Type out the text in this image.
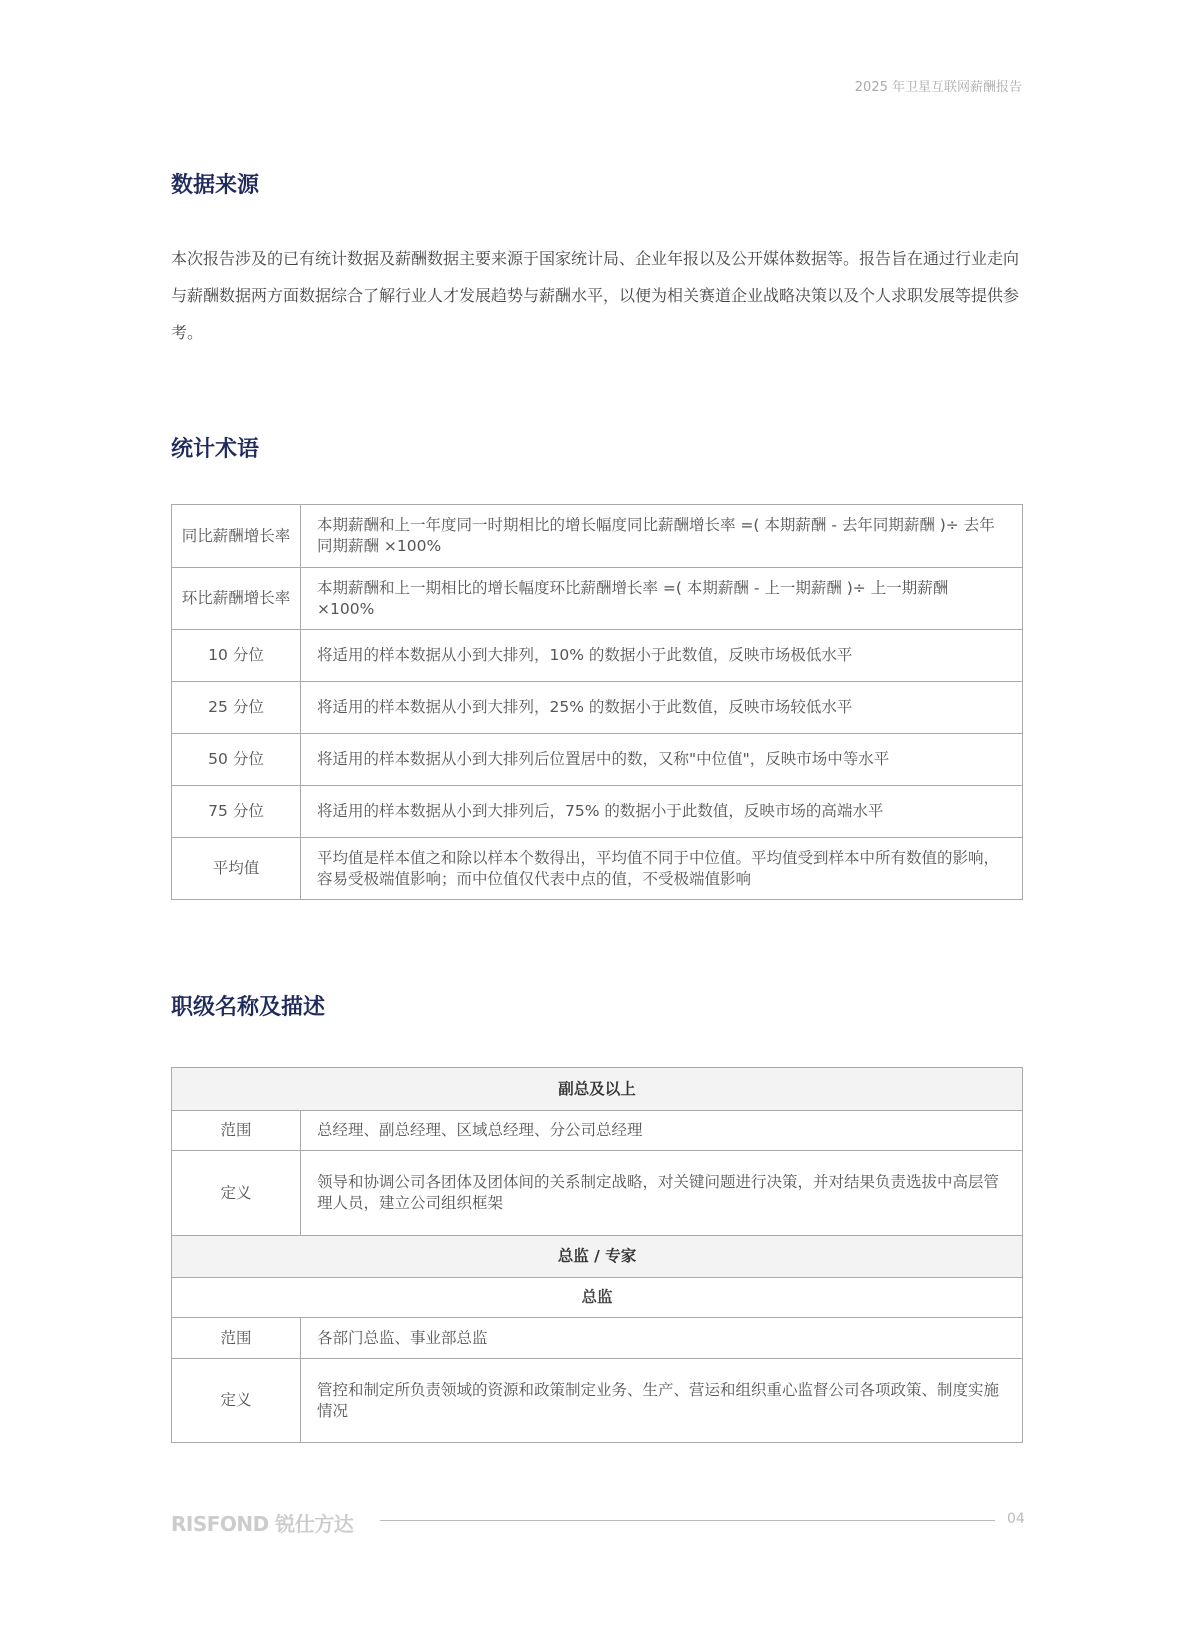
2025 年卫星互联网薪酬报告
数据来源
本次报告涉及的已有统计数据及薪酬数据主要来源于国家统计局、企业年报以及公开媒体数据等。报告旨在通过行业走向与薪酬数据两方面数据综合了解行业人才发展趋势与薪酬水平，以便为相关赛道企业战略决策以及个人求职发展等提供参考。
统计术语
同比薪酬增长率	本期薪酬和上一年度同一时期相比的增长幅度同比薪酬增长率 =( 本期薪酬 - 去年同期薪酬 )÷ 去年同期薪酬 ×100%
环比薪酬增长率	本期薪酬和上一期相比的增长幅度环比薪酬增长率 =( 本期薪酬 - 上一期薪酬 )÷ 上一期薪酬 ×100%
10 分位	将适用的样本数据从小到大排列，10% 的数据小于此数值，反映市场极低水平
25 分位	将适用的样本数据从小到大排列，25% 的数据小于此数值，反映市场较低水平
50 分位	将适用的样本数据从小到大排列后位置居中的数，又称"中位值"，反映市场中等水平
75 分位	将适用的样本数据从小到大排列后，75% 的数据小于此数值，反映市场的高端水平
平均值	平均值是样本值之和除以样本个数得出，平均值不同于中位值。平均值受到样本中所有数值的影响，容易受极端值影响；而中位值仅代表中点的值，不受极端值影响
职级名称及描述
副总及以上	
范围	总经理、副总经理、区域总经理、分公司总经理
定义	领导和协调公司各团体及团体间的关系制定战略，对关键问题进行决策，并对结果负责选拔中高层管理人员，建立公司组织框架
总监 / 专家	
总监	
范围	各部门总监、事业部总监
定义	管控和制定所负责领域的资源和政策制定业务、生产、营运和组织重心监督公司各项政策、制度实施情况
RISFOND 锐仕方达	04
